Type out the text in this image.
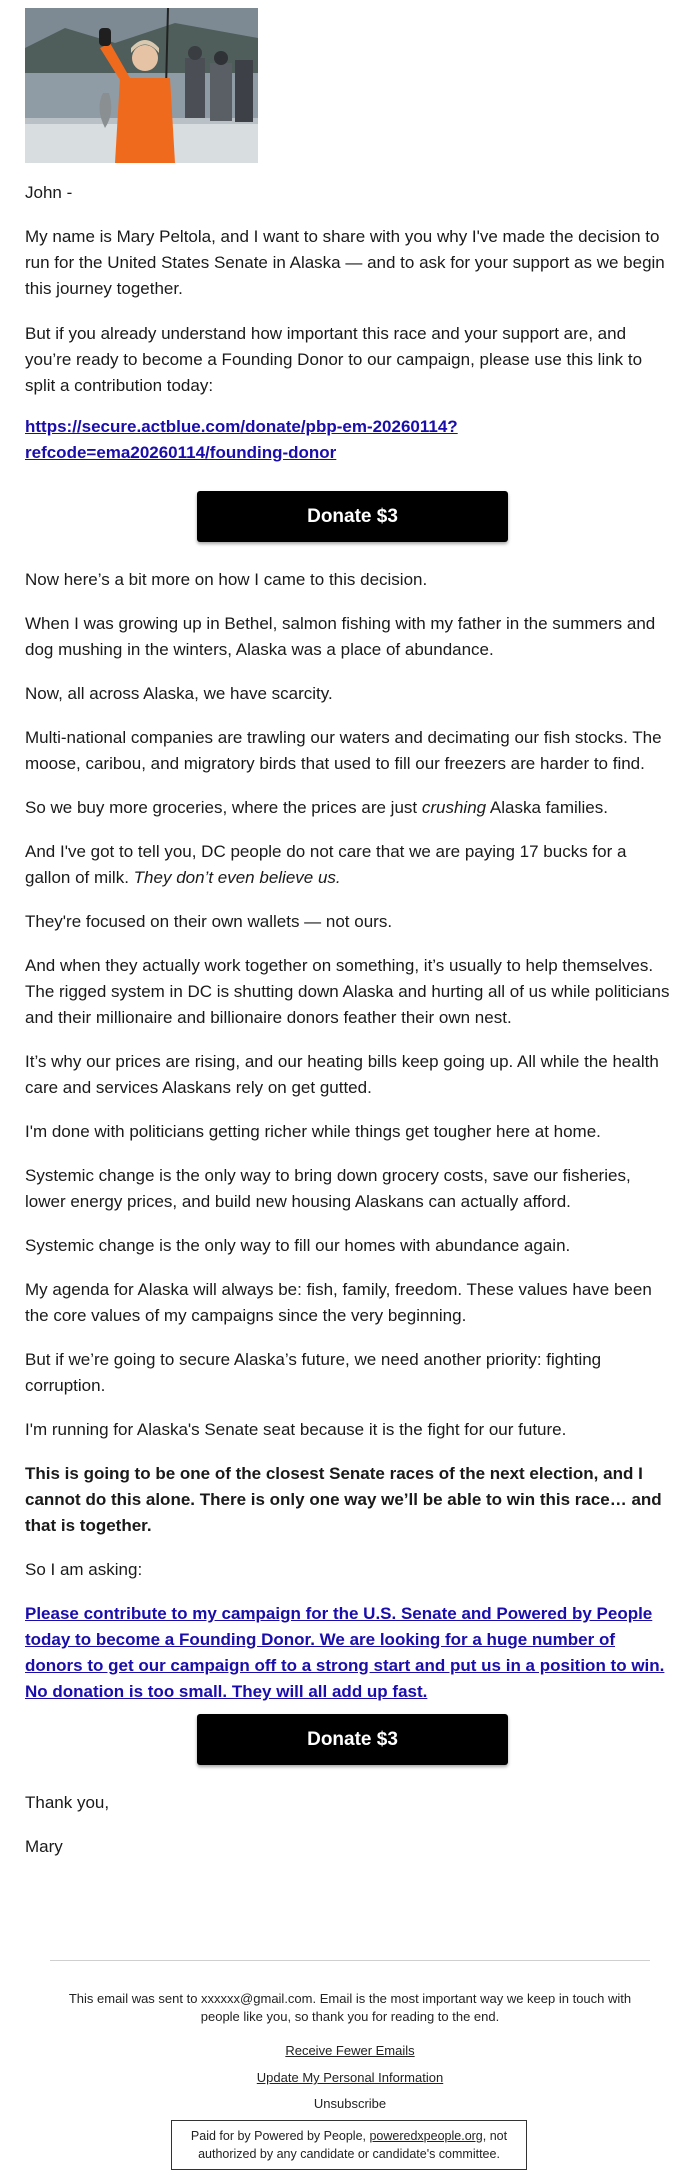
John -

My name is Mary Peltola, and I want to share with you why I've made the decision to run for the United States Senate in Alaska — and to ask for your support as we begin this journey together.

But if you already understand how important this race and your support are, and you’re ready to become a Founding Donor to our campaign, please use this link to split a contribution today:

https://secure.actblue.com/donate/pbp-em-20260114?
refcode=ema20260114/founding-donor

Donate $3

Now here’s a bit more on how I came to this decision.

When I was growing up in Bethel, salmon fishing with my father in the summers and dog mushing in the winters, Alaska was a place of abundance.

Now, all across Alaska, we have scarcity.

Multi-national companies are trawling our waters and decimating our fish stocks. The moose, caribou, and migratory birds that used to fill our freezers are harder to find.

So we buy more groceries, where the prices are just crushing Alaska families.

And I've got to tell you, DC people do not care that we are paying 17 bucks for a gallon of milk. They don’t even believe us.

They're focused on their own wallets — not ours.

And when they actually work together on something, it’s usually to help themselves. The rigged system in DC is shutting down Alaska and hurting all of us while politicians and their millionaire and billionaire donors feather their own nest.

It’s why our prices are rising, and our heating bills keep going up. All while the health care and services Alaskans rely on get gutted.

I'm done with politicians getting richer while things get tougher here at home.

Systemic change is the only way to bring down grocery costs, save our fisheries, lower energy prices, and build new housing Alaskans can actually afford.

Systemic change is the only way to fill our homes with abundance again.

My agenda for Alaska will always be: fish, family, freedom. These values have been the core values of my campaigns since the very beginning.

But if we’re going to secure Alaska’s future, we need another priority: fighting corruption.

I'm running for Alaska's Senate seat because it is the fight for our future.

This is going to be one of the closest Senate races of the next election, and I cannot do this alone. There is only one way we’ll be able to win this race… and that is together.

So I am asking:

Please contribute to my campaign for the U.S. Senate and Powered by People today to become a Founding Donor. We are looking for a huge number of donors to get our campaign off to a strong start and put us in a position to win. No donation is too small. They will all add up fast.

Donate $3

Thank you,

Mary

This email was sent to xxxxxx@gmail.com. Email is the most important way we keep in touch with people like you, so thank you for reading to the end.
Receive Fewer Emails
Update My Personal Information
Unsubscribe
Paid for by Powered by People, poweredxpeople.org, not authorized by any candidate or candidate's committee.
